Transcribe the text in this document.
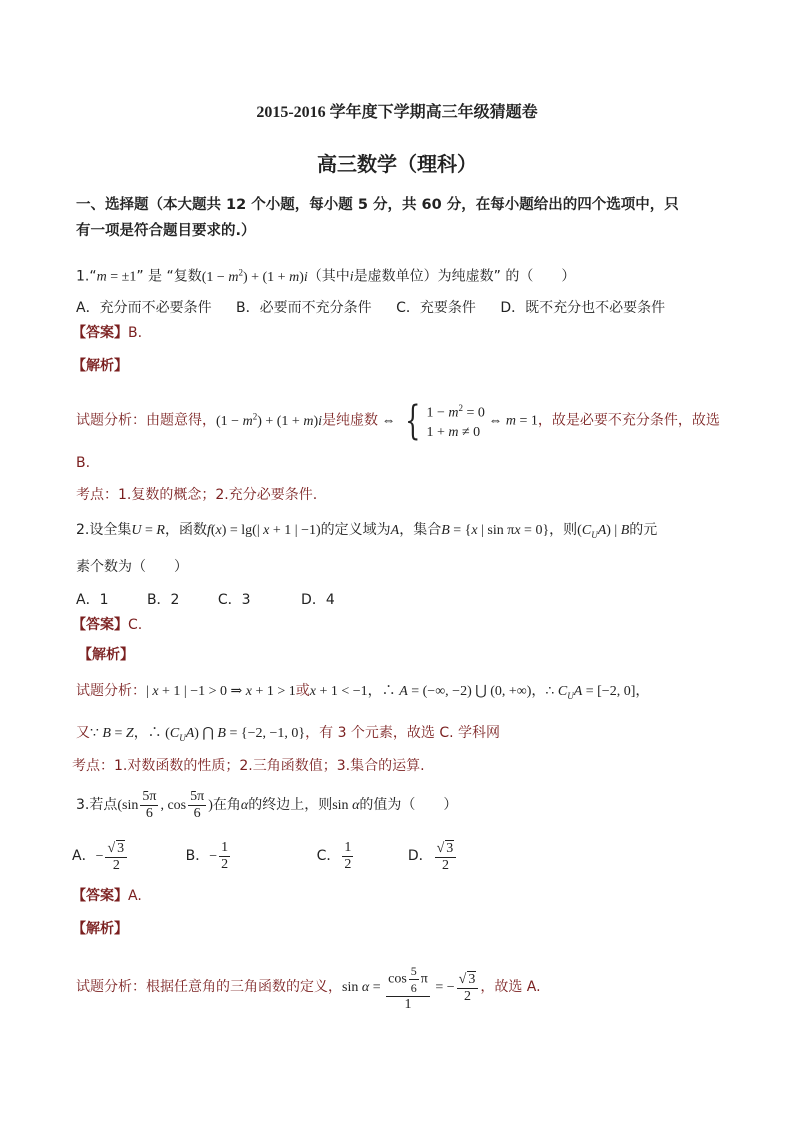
2015-2016 学年度下学期高三年级猜题卷
高三数学（理科）
一、选择题（本大题共 12 个小题，每小题 5 分，共 60 分，在每小题给出的四个选项中，只
有一项是符合题目要求的.）
1.“m = ±1” 是 “复数$(1 - m^2) + (1 + m)i$（其中i是虚数单位）为纯虚数” 的（　　）
A．充分而不必要条件 B．必要而不充分条件 C．充要条件 D．既不充分也不必要条件
【答案】B.
【解析】
试题分析：由题意得，$(1 - m^2) + (1 + m)i$是纯虚数 ⇔ { $1 - m^2 = 0$
1 + m ≠ 0
⇔ m = 1，故是必要不充分条件，故选
B.
考点：1.复数的概念；2.充分必要条件.
2.设全集U = R，函数f(x) = lg(| x + 1 | −1)的定义域为A，集合B = {x | sin πx = 0}，则$(C_UA)$ | B的元
素个数为（　　）
A．1	B．2	C．3	D．4
【答案】C.
【解析】
试题分析：| x + 1 | −1 > 0 ⇒ x + 1 > 1或x + 1 < −1，∴ A = (−∞, −2) ⋃ (0, +∞)，∴ $C_UA = [-2$, 0]，
又∵ B = Z，∴ $(C_UA)$ ⋂ B = {−2, −1, 0}，有 3 个元素，故选 C. 学科网
考点：1.对数函数的性质；2.三角函数值；3.集合的运算.
3.若点($\sin \frac{5\pi}{6}$ , $\cos \frac{5\pi}{6}$ )在角α的终边上，则sin α的值为（　　）
A．− $\frac{√ 3}{2}$	B．− $\frac{1}{2}$	C． $\frac{1}{2}$	D． $\frac{√ 3}{2}$
【答案】A.
【解析】
试题分析：根据任意角的三角函数的定义，$\sin \alpha = \frac{\cos \frac{5}{6} \pi}{1}$ = − $\frac{√ 3}{2}$ ，故选 A.
